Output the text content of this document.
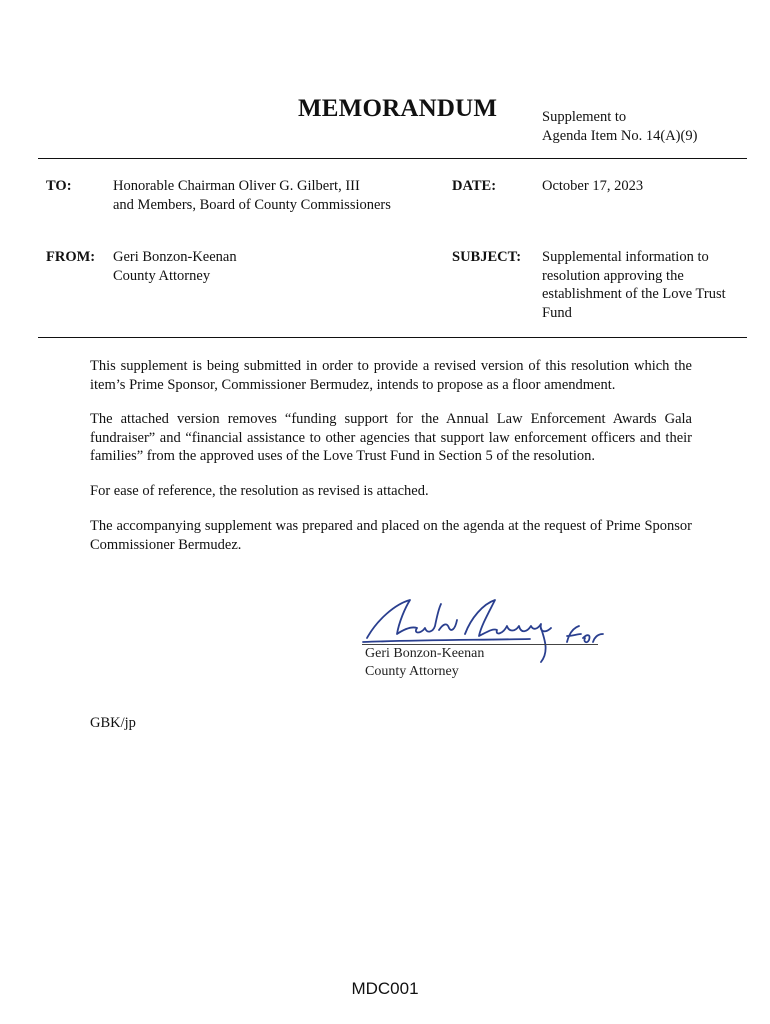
MEMORANDUM	Supplement to
Agenda Item No. 14(A)(9)
TO:	Honorable Chairman Oliver G. Gilbert, III
and Members, Board of County Commissioners
DATE:	October 17, 2023
FROM: Geri Bonzon-Keenan
County Attorney
SUBJECT: Supplemental information to resolution approving the establishment of the Love Trust Fund
This supplement is being submitted in order to provide a revised version of this resolution which the item’s Prime Sponsor, Commissioner Bermudez, intends to propose as a floor amendment.
The attached version removes “funding support for the Annual Law Enforcement Awards Gala fundraiser” and “financial assistance to other agencies that support law enforcement officers and their families” from the approved uses of the Love Trust Fund in Section 5 of the resolution.
For ease of reference, the resolution as revised is attached.
The accompanying supplement was prepared and placed on the agenda at the request of Prime Sponsor Commissioner Bermudez.
Geri Bonzon-Keenan
County Attorney
GBK/jp
MDC001
